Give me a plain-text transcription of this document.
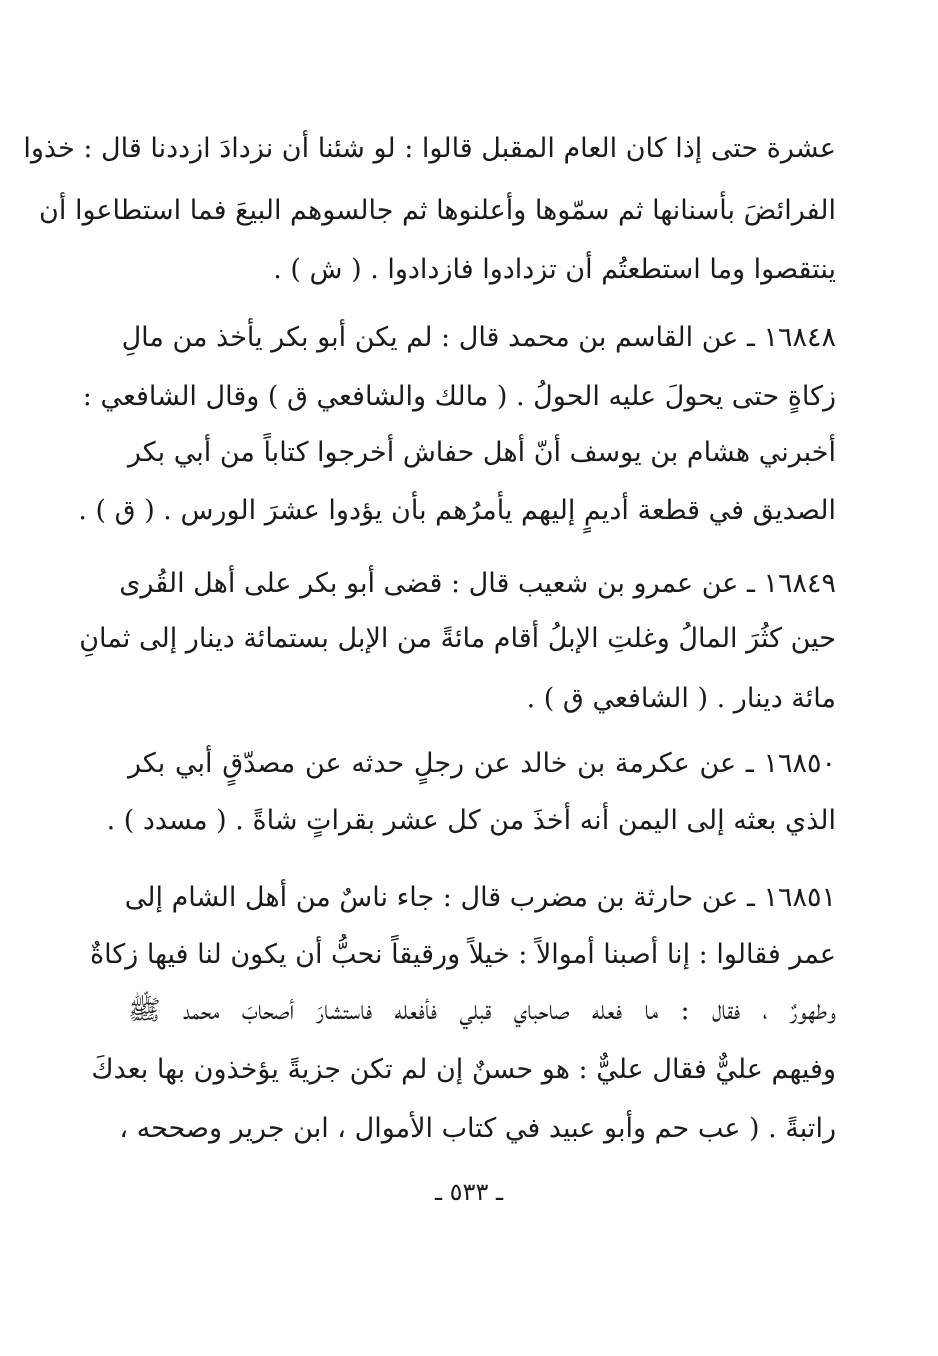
عشرة حتى إذا كان العام المقبل قالوا : لو شئنا أن نزدادَ ازددنا قال : خذوا
الفرائضَ بأسنانها ثم سمّوها وأعلنوها ثم جالسوهم البيعَ فما استطاعوا أن
ينتقصوا وما استطعتُم أن تزدادوا فازدادوا . ( ش ) .
١٦٨٤٨ ـ عن القاسم بن محمد قال : لم يكن أبو بكر يأخذ من مالِ
زكاةٍ حتى يحولَ عليه الحولُ . ( مالك والشافعي ق ) وقال الشافعي :
أخبرني هشام بن يوسف أنّ أهل حفاش أخرجوا كتاباً من أبي بكر
الصديق في قطعة أديمٍ إليهم يأمرُهم بأن يؤدوا عشرَ الورس . ( ق ) .
١٦٨٤٩ ـ عن عمرو بن شعيب قال : قضى أبو بكر على أهل القُرى
حين كثُرَ المالُ وغلتِ الإبلُ أقام مائةً من الإبل بستمائة دينار إلى ثمانِ
مائة دينار . ( الشافعي ق ) .
١٦٨٥٠ ـ عن عكرمة بن خالد عن رجلٍ حدثه عن مصدّقٍ أبي بكر
الذي بعثه إلى اليمن أنه أخذَ من كل عشر بقراتٍ شاةً . ( مسدد ) .
١٦٨٥١ ـ عن حارثة بن مضرب قال : جاء ناسٌ من أهل الشام إلى
عمر فقالوا : إنا أصبنا أموالاً : خيلاً ورقيقاً نحبُّ أن يكون لنا فيها زكاةٌ
وطهورٌ ، فقال : ما فعله صاحباي قبلي فأفعله فاستشارَ أصحابَ محمد ﷺ
وفيهم عليٌّ فقال عليٌّ : هو حسنٌ إن لم تكن جزيةً يؤخذون بها بعدكَ
راتبةً . ( عب حم وأبو عبيد في كتاب الأموال ، ابن جرير وصححه ،
ـ ٥٣٣ ـ
